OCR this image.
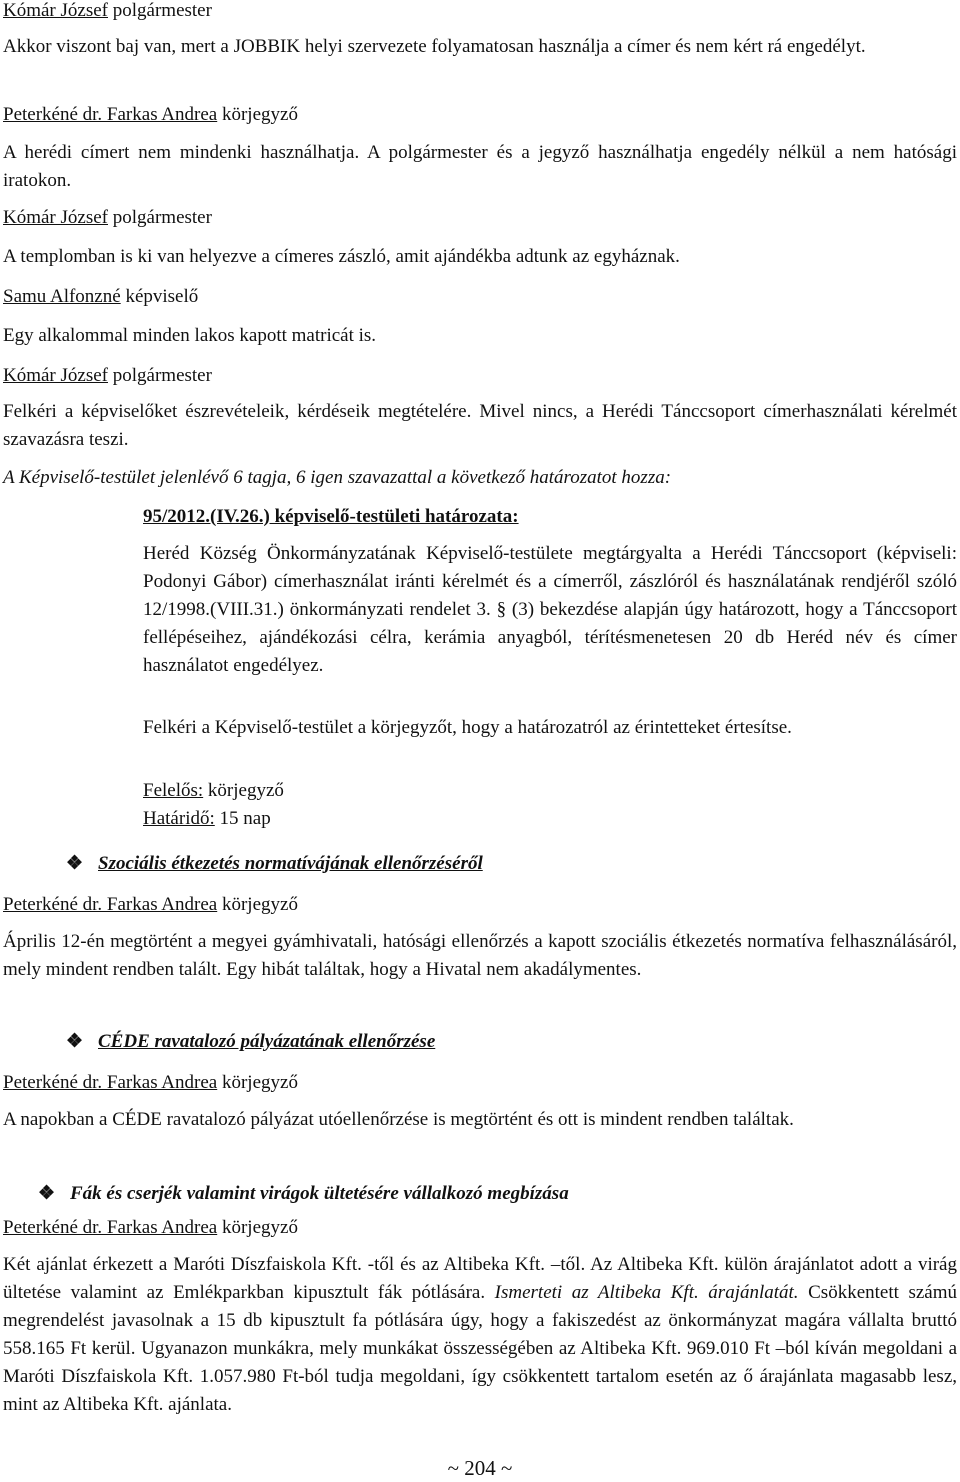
Kómár József polgármester

Akkor viszont baj van, mert a JOBBIK helyi szervezete folyamatosan használja a címer és nem kért rá engedélyt.

Peterkéné dr. Farkas Andrea körjegyző

A herédi címert nem mindenki használhatja. A polgármester és a jegyző használhatja engedély nélkül a nem hatósági iratokon.

Kómár József polgármester

A templomban is ki van helyezve a címeres zászló, amit ajándékba adtunk az egyháznak.

Samu Alfonzné képviselő

Egy alkalommal minden lakos kapott matricát is.

Kómár József polgármester

Felkéri a képviselőket észrevételeik, kérdéseik megtételére. Mivel nincs, a Herédi Tánccsoport címerhasználati kérelmét szavazásra teszi.

A Képviselő-testület jelenlévő 6 tagja, 6 igen szavazattal a következő határozatot hozza:

95/2012.(IV.26.) képviselő-testületi határozata:

Heréd Község Önkormányzatának Képviselő-testülete megtárgyalta a Herédi Tánccsoport (képviseli: Podonyi Gábor) címerhasználat iránti kérelmét és a címerről, zászlóról és használatának rendjéről szóló 12/1998.(VIII.31.) önkormányzati rendelet 3. § (3) bekezdése alapján úgy határozott, hogy a Tánccsoport fellépéseihez, ajándékozási célra, kerámia anyagból, térítésmenetesen 20 db Heréd név és címer használatot engedélyez.

Felkéri a Képviselő-testület a körjegyzőt, hogy a határozatról az érintetteket értesítse.

Felelős: körjegyző

Határidő: 15 nap

❖ Szociális étkezetés normatívájának ellenőrzéséről

Peterkéné dr. Farkas Andrea körjegyző

Április 12-én megtörtént a megyei gyámhivatali, hatósági ellenőrzés a kapott szociális étkezetés normatíva felhasználásáról, mely mindent rendben talált. Egy hibát találtak, hogy a Hivatal nem akadálymentes.

❖ CÉDE ravatalozó pályázatának ellenőrzése

Peterkéné dr. Farkas Andrea körjegyző

A napokban a CÉDE ravatalozó pályázat utóellenőrzése is megtörtént és ott is mindent rendben találtak.

❖ Fák és cserjék valamint virágok ültetésére vállalkozó megbízása

Peterkéné dr. Farkas Andrea körjegyző

Két ajánlat érkezett a Maróti Díszfaiskola Kft. -től és az Altibeka Kft. –től. Az Altibeka Kft. külön árajánlatot adott a virág ültetése valamint az Emlékparkban kipusztult fák pótlására. Ismerteti az Altibeka Kft. árajánlatát. Csökkentett számú megrendelést javasolnak a 15 db kipusztult fa pótlására úgy, hogy a fakiszedést az önkormányzat magára vállalta bruttó 558.165 Ft kerül. Ugyanazon munkákra, mely munkákat összességében az Altibeka Kft. 969.010 Ft –ból kíván megoldani a Maróti Díszfaiskola Kft. 1.057.980 Ft-ból tudja megoldani, így csökkentett tartalom esetén az ő árajánlata magasabb lesz, mint az Altibeka Kft. ajánlata.

~ 204 ~
